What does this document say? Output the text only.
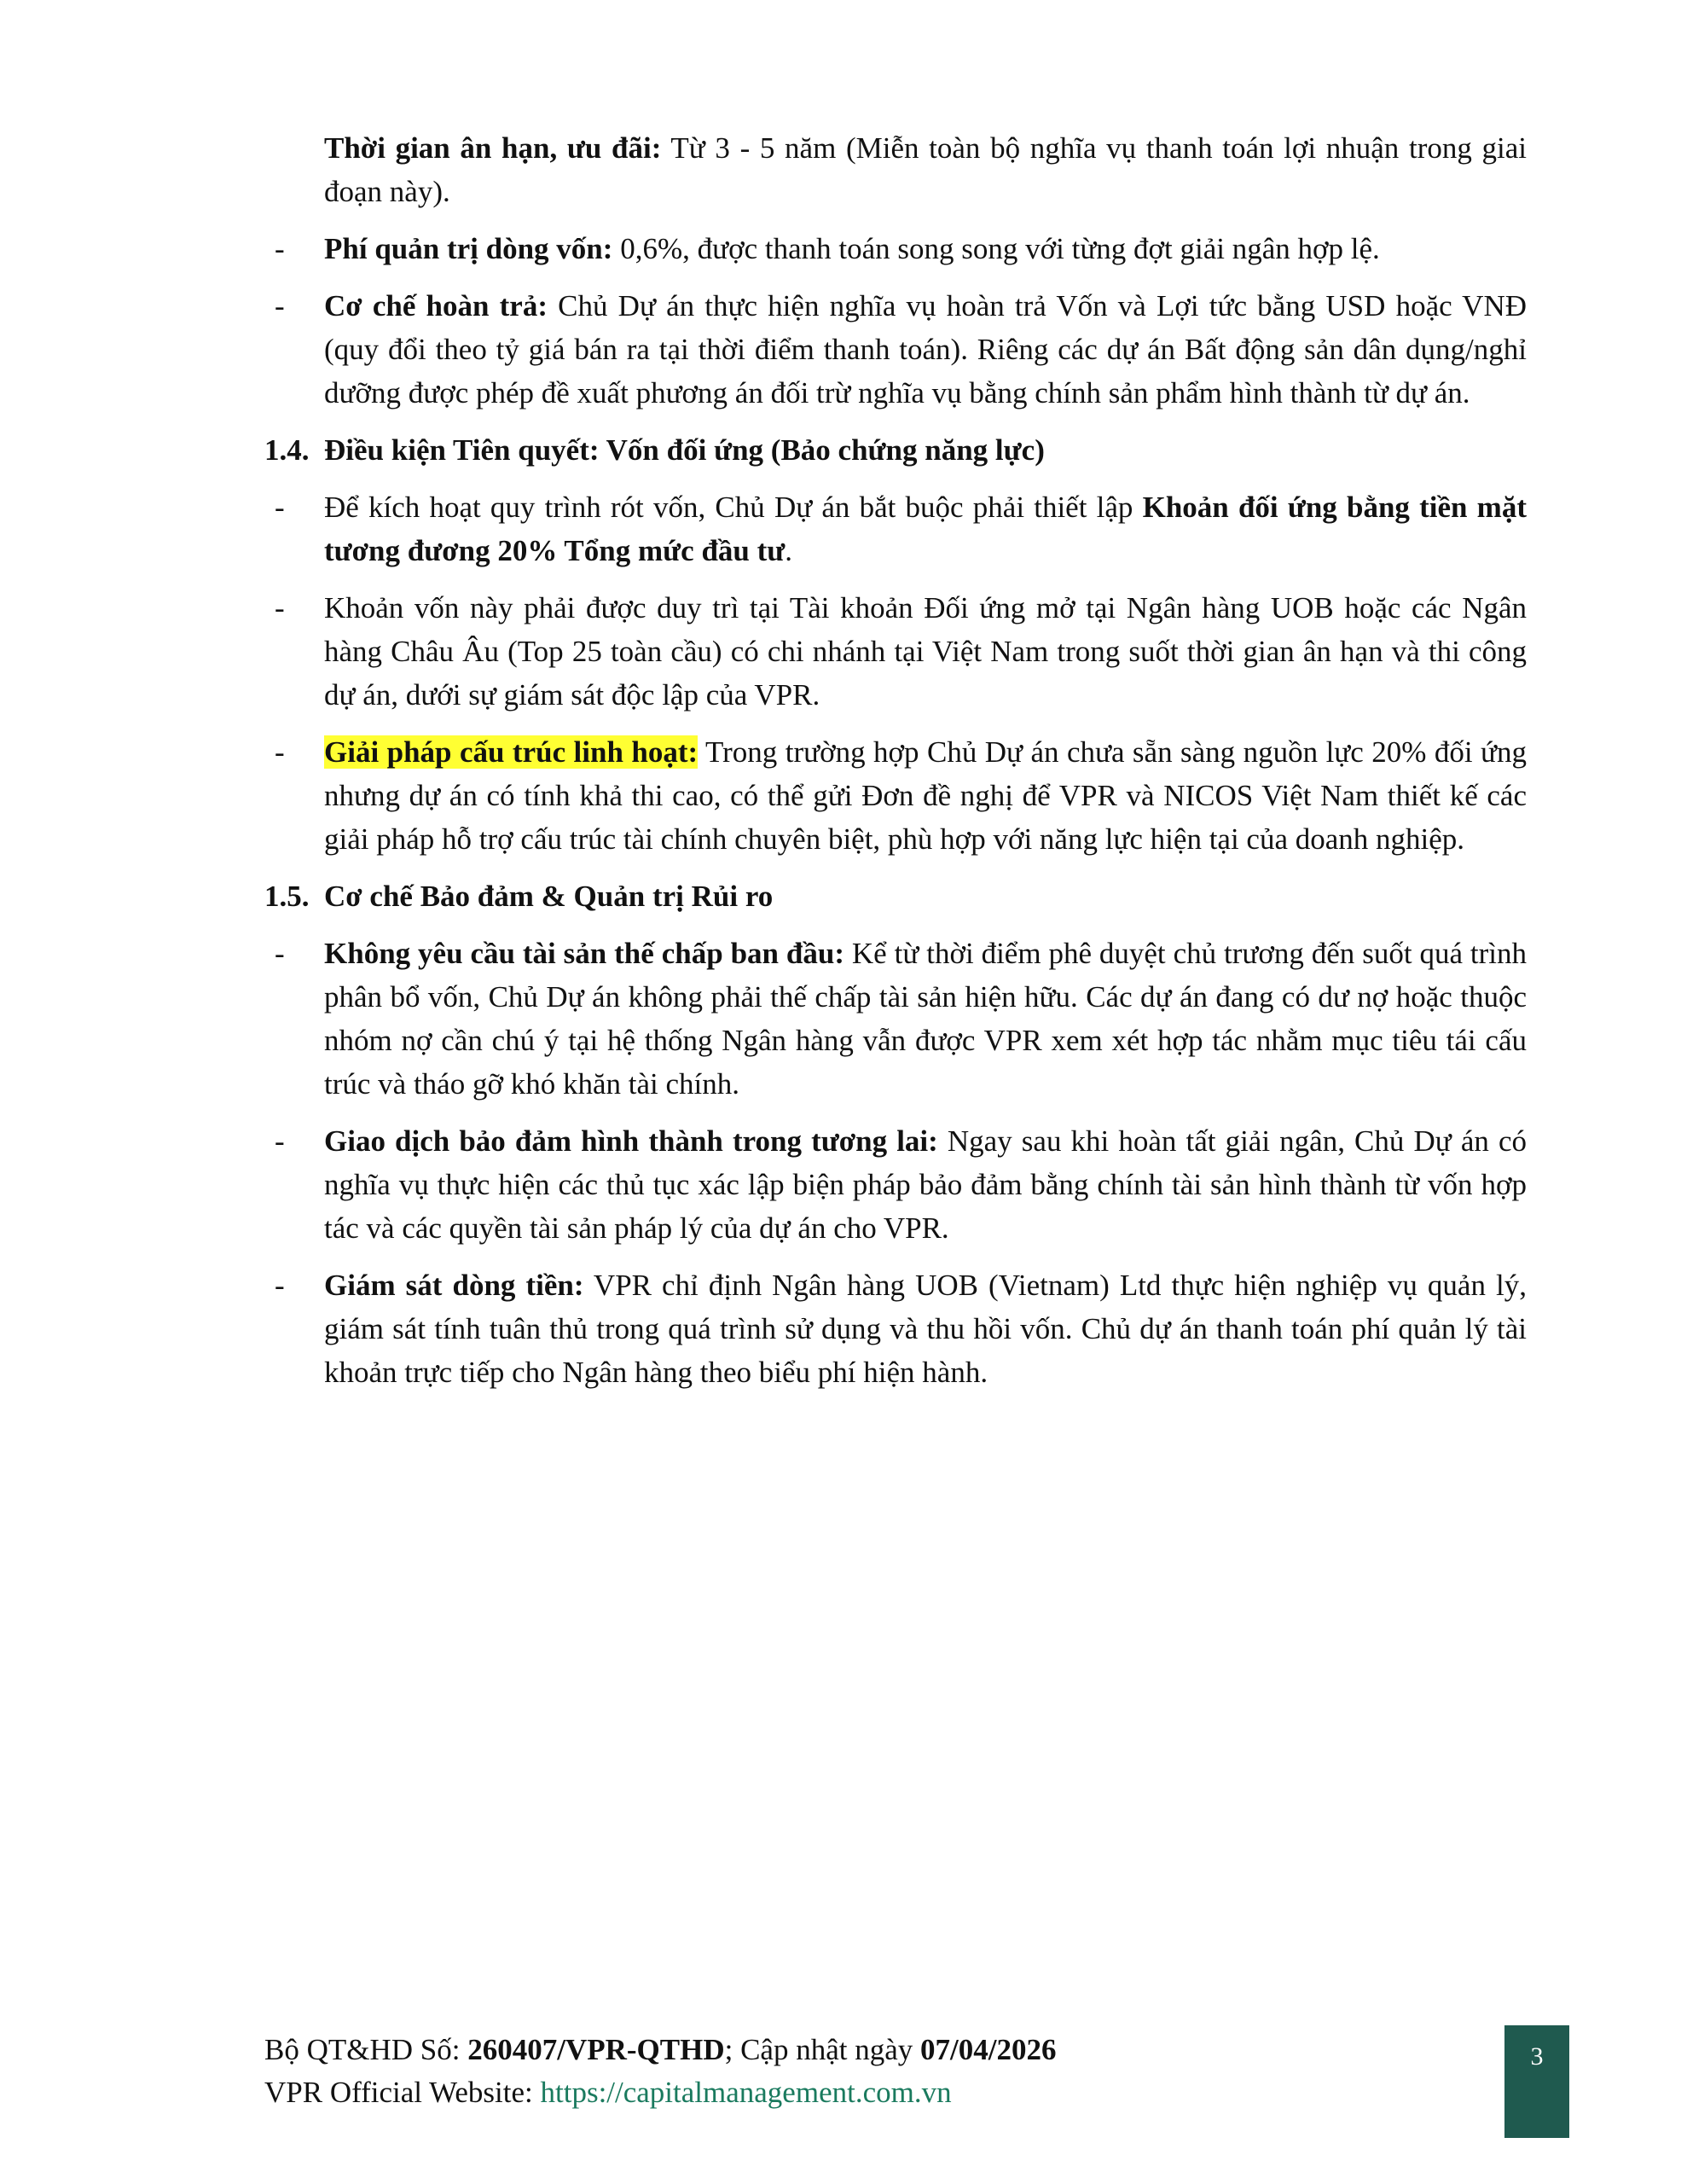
Thời gian ân hạn, ưu đãi: Từ 3 - 5 năm (Miễn toàn bộ nghĩa vụ thanh toán lợi nhuận trong giai đoạn này).

- Phí quản trị dòng vốn: 0,6%, được thanh toán song song với từng đợt giải ngân hợp lệ.

- Cơ chế hoàn trả: Chủ Dự án thực hiện nghĩa vụ hoàn trả Vốn và Lợi tức bằng USD hoặc VNĐ (quy đổi theo tỷ giá bán ra tại thời điểm thanh toán). Riêng các dự án Bất động sản dân dụng/nghỉ dưỡng được phép đề xuất phương án đối trừ nghĩa vụ bằng chính sản phẩm hình thành từ dự án.

1.4. Điều kiện Tiên quyết: Vốn đối ứng (Bảo chứng năng lực)

- Để kích hoạt quy trình rót vốn, Chủ Dự án bắt buộc phải thiết lập Khoản đối ứng bằng tiền mặt tương đương 20% Tổng mức đầu tư.

- Khoản vốn này phải được duy trì tại Tài khoản Đối ứng mở tại Ngân hàng UOB hoặc các Ngân hàng Châu Âu (Top 25 toàn cầu) có chi nhánh tại Việt Nam trong suốt thời gian ân hạn và thi công dự án, dưới sự giám sát độc lập của VPR.

- Giải pháp cấu trúc linh hoạt: Trong trường hợp Chủ Dự án chưa sẵn sàng nguồn lực 20% đối ứng nhưng dự án có tính khả thi cao, có thể gửi Đơn đề nghị để VPR và NICOS Việt Nam thiết kế các giải pháp hỗ trợ cấu trúc tài chính chuyên biệt, phù hợp với năng lực hiện tại của doanh nghiệp.

1.5. Cơ chế Bảo đảm & Quản trị Rủi ro

- Không yêu cầu tài sản thế chấp ban đầu: Kể từ thời điểm phê duyệt chủ trương đến suốt quá trình phân bổ vốn, Chủ Dự án không phải thế chấp tài sản hiện hữu. Các dự án đang có dư nợ hoặc thuộc nhóm nợ cần chú ý tại hệ thống Ngân hàng vẫn được VPR xem xét hợp tác nhằm mục tiêu tái cấu trúc và tháo gỡ khó khăn tài chính.

- Giao dịch bảo đảm hình thành trong tương lai: Ngay sau khi hoàn tất giải ngân, Chủ Dự án có nghĩa vụ thực hiện các thủ tục xác lập biện pháp bảo đảm bằng chính tài sản hình thành từ vốn hợp tác và các quyền tài sản pháp lý của dự án cho VPR.

- Giám sát dòng tiền: VPR chỉ định Ngân hàng UOB (Vietnam) Ltd thực hiện nghiệp vụ quản lý, giám sát tính tuân thủ trong quá trình sử dụng và thu hồi vốn. Chủ dự án thanh toán phí quản lý tài khoản trực tiếp cho Ngân hàng theo biểu phí hiện hành.

Bộ QT&HD Số: 260407/VPR-QTHD; Cập nhật ngày 07/04/2026
VPR Official Website: https://capitalmanagement.com.vn
3
